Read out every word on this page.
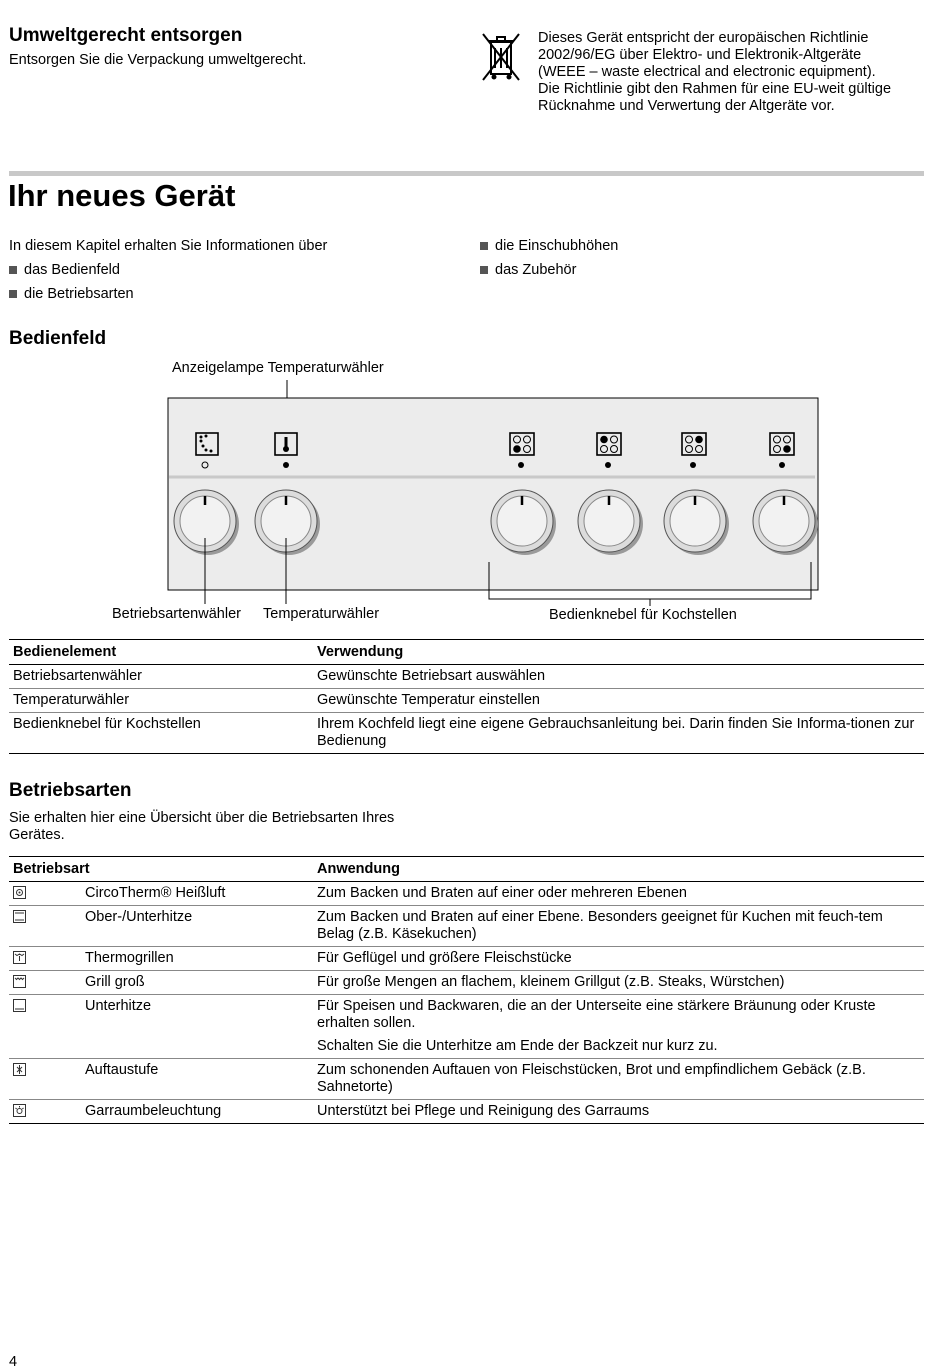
Umweltgerecht entsorgen
Entsorgen Sie die Verpackung umweltgerecht.
Dieses Gerät entspricht der europäischen Richtlinie
2002/96/EG über Elektro- und Elektronik-Altgeräte
(WEEE – waste electrical and electronic equipment).
Die Richtlinie gibt den Rahmen für eine EU-weit gültige
Rücknahme und Verwertung der Altgeräte vor.
Ihr neues Gerät
In diesem Kapitel erhalten Sie Informationen über
das Bedienfeld
die Betriebsarten
die Einschubhöhen
das Zubehör
Bedienfeld
Anzeigelampe Temperaturwähler
Betriebsartenwähler Temperaturwähler	Bedienknebel für Kochstellen
Bedienelement	Verwendung
Betriebsartenwähler	Gewünschte Betriebsart auswählen
Temperaturwähler	Gewünschte Temperatur einstellen
Bedienknebel für Kochstellen	Ihrem Kochfeld liegt eine eigene Gebrauchsanleitung bei. Darin finden Sie Informa-tionen zur Bedienung
Betriebsarten
Sie erhalten hier eine Übersicht über die Betriebsarten Ihres Gerätes.
Betriebsart		Anwendung

	CircoTherm® Heißluft	Zum Backen und Braten auf einer oder mehreren Ebenen

	Ober-/Unterhitze	Zum Backen und Braten auf einer Ebene. Besonders geeignet für Kuchen mit feuch-tem Belag (z.B. Käsekuchen)

	Thermogrillen	Für Geflügel und größere Fleischstücke

	Grill groß	Für große Mengen an flachem, kleinem Grillgut (z.B. Steaks, Würstchen)

	Unterhitze	Für Speisen und Backwaren, die an der Unterseite eine stärkere Bräunung oder Kruste erhalten sollen.
Schalten Sie die Unterhitze am Ende der Backzeit nur kurz zu.

	Auftaustufe	Zum schonenden Auftauen von Fleischstücken, Brot und empfindlichem Gebäck (z.B. Sahnetorte)

	Garraumbeleuchtung	Unterstützt bei Pflege und Reinigung des Garraums
4
